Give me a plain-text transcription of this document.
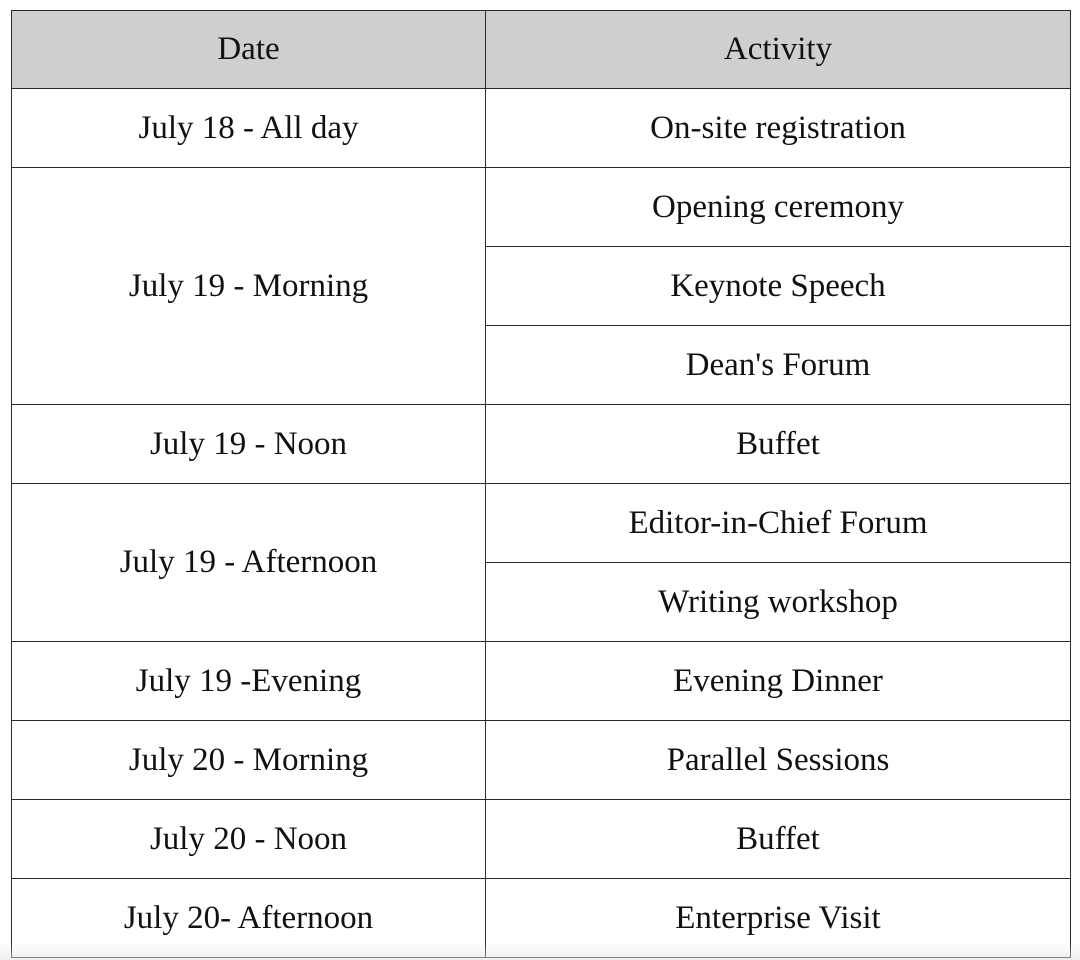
Date	Activity
July 18 - All day	On-site registration
July 19 - Morning	Opening ceremony
	Keynote Speech
	Dean's Forum
July 19 - Noon	Buffet
July 19 - Afternoon	Editor-in-Chief Forum
	Writing workshop
July 19 -Evening	Evening Dinner
July 20 - Morning	Parallel Sessions
July 20 - Noon	Buffet
July 20- Afternoon	Enterprise Visit
